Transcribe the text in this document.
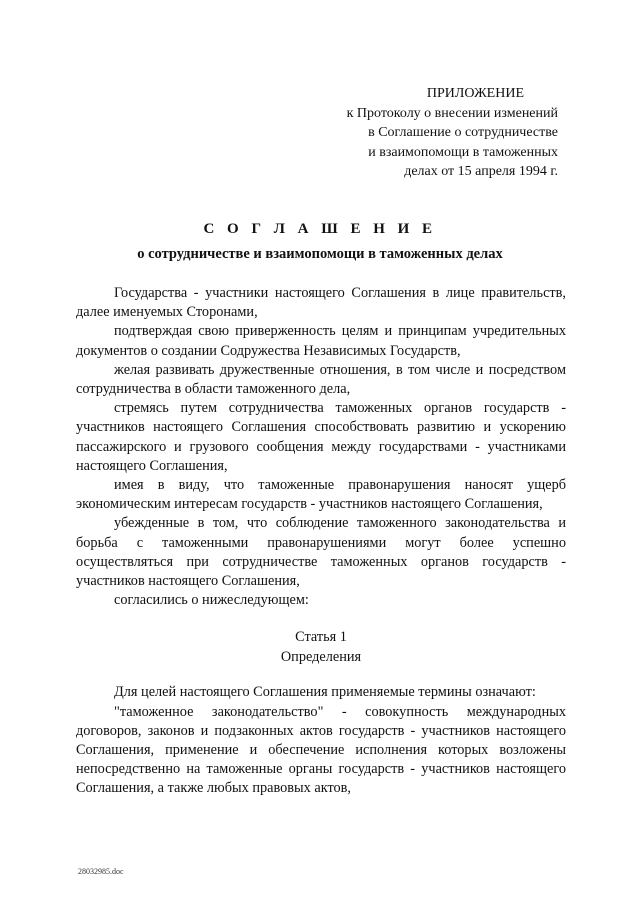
ПРИЛОЖЕНИЕ
к Протоколу о внесении изменений
в Соглашение о сотрудничестве
и взаимопомощи в таможенных
делах от 15 апреля 1994 г.
С О Г Л А Ш Е Н И Е
о сотрудничестве и взаимопомощи в таможенных делах

Государства - участники настоящего Соглашения в лице правительств, далее именуемых Сторонами,

подтверждая свою приверженность целям и принципам учредительных документов о создании Содружества Независимых Государств,

желая развивать дружественные отношения, в том числе и посредством сотрудничества в области таможенного дела,

стремясь путем сотрудничества таможенных органов государств - участников настоящего Соглашения способствовать развитию и ускорению пассажирского и грузового сообщения между государствами - участниками настоящего Соглашения,

имея в виду, что таможенные правонарушения наносят ущерб экономическим интересам государств - участников настоящего Соглашения,

убежденные в том, что соблюдение таможенного законодательства и борьба с таможенными правонарушениями могут более успешно осуществляться при сотрудничестве таможенных органов государств - участников настоящего Соглашения,

согласились о нижеследующем:

Статья 1
Определения

Для целей настоящего Соглашения применяемые термины означают:

"таможенное законодательство" - совокупность международных договоров, законов и подзаконных актов государств - участников настоящего Соглашения, применение и обеспечение исполнения которых возложены непосредственно на таможенные органы государств - участников настоящего Соглашения, а также любых правовых актов,

28032985.doc
